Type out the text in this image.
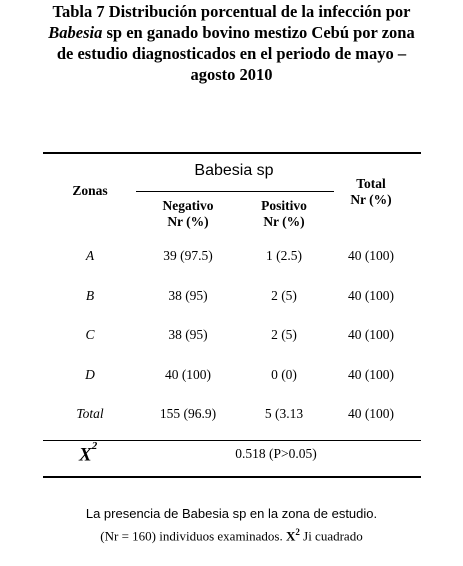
Tabla 7 Distribución porcentual de la infección por
Babesia sp en ganado bovino mestizo Cebú por zona
de estudio diagnosticados en el periodo de mayo –
agosto 2010
Zonas
Babesia sp
Negativo
Nr (%)
Positivo
Nr (%)
Total
Nr (%)
A	39 (97.5)	1 (2.5)	40 (100)
B	38 (95)	2 (5)	40 (100)
C	38 (95)	2 (5)	40 (100)
D	40 (100)	0 (0)	40 (100)
Total	155 (96.9)	5 (3.13	40 (100)
$X^2$	0.518 (P>0.05)
La presencia de Babesia sp en la zona de estudio.
(Nr = 160) individuos examinados. $X^2$ Ji cuadrado
